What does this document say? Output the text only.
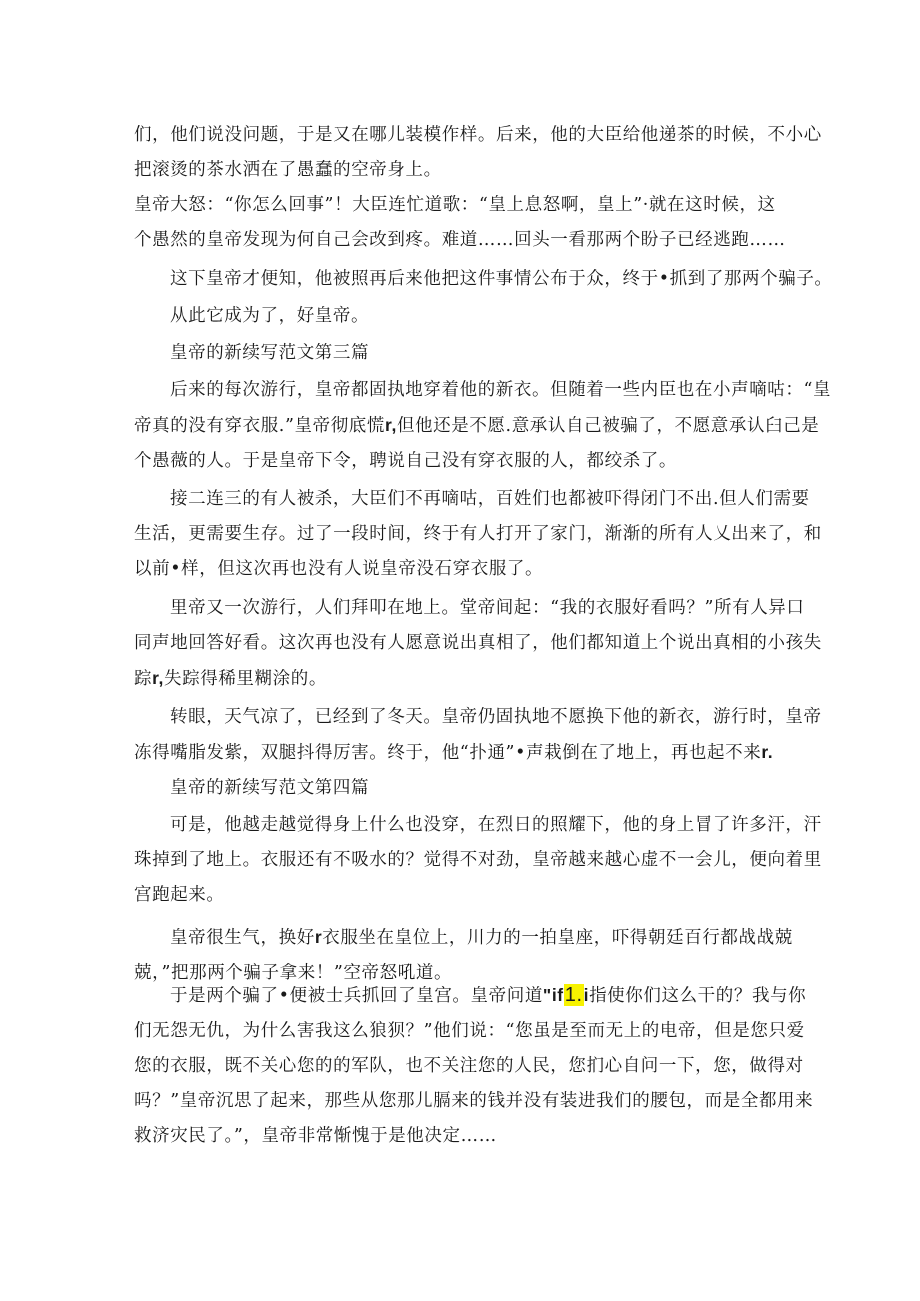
们，他们说没问题，于是又在哪儿装模作样。后来，他的大臣给他递茶的时候，不小心
把滚烫的茶水洒在了愚蠢的空帝身上。

皇帝大怒：“你怎么回事”！大臣连忙道歌：“皇上息怒啊，皇上”·就在这时候，这
个愚然的皇帝发现为何自己会改到疼。难道……回头一看那两个盼子已经逃跑……

这下皇帝才便知，他被照再后来他把这件事情公布于众，终于•抓到了那两个骗子。

从此它成为了，好皇帝。

皇帝的新续写范文第三篇

后来的每次游行，皇帝都固执地穿着他的新衣。但随着一些内臣也在小声嘀咕：“皇
帝真的没有穿衣服.”皇帝彻底慌r,但他还是不愿.意承认自己被骗了，不愿意承认臼己是
个愚薇的人。于是皇帝下令，聘说自己没有穿衣服的人，都绞杀了。

接二连三的有人被杀，大臣们不再嘀咕，百姓们也都被吓得闭门不出.但人们需要
生活，更需要生存。过了一段时间，终于有人打开了家门，渐渐的所有人乂出来了，和
以前•样，但这次再也没有人说皇帝没石穿衣服了。

里帝又一次游行，人们拜叩在地上。堂帝间起：“我的衣服好看吗？”所有人异口
同声地回答好看。这次再也没有人愿意说出真相了，他们都知道上个说出真相的小孩失
踪r,失踪得稀里糊涂的。

转眼，天气凉了，已经到了冬天。皇帝仍固执地不愿换下他的新衣，游行时，皇帝
冻得嘴脂发紫，双腿抖得厉害。终于，他“扑通”•声栽倒在了地上，再也起不来r.

皇帝的新续写范文第四篇

可是，他越走越觉得身上什么也没穿，在烈日的照耀下，他的身上冒了许多汗，汗
珠掉到了地上。衣服还有不吸水的？觉得不对劲，皇帝越来越心虚不一会儿，便向着里
宫跑起来。

皇帝很生气，换好r衣服坐在皇位上，川力的一拍皇座，吓得朝廷百行都战战兢
兢，”把那两个骗子拿来！”空帝怒吼道。

于是两个骗了•便被士兵抓回了皇宫。皇帝问道"if1.i指使你们这么干的？我与你
们无怨无仇，为什么害我这么狼狈？”他们说：“您虽是至而无上的电帝，但是您只爱
您的衣服，既不关心您的的军队，也不关注您的人民，您扪心自问一下，您，做得对
吗？”皇帝沉思了起来，那些从您那儿膈来的钱并没有装进我们的腰包，而是全都用来
救济灾民了。”，皇帝非常惭愧于是他决定……
